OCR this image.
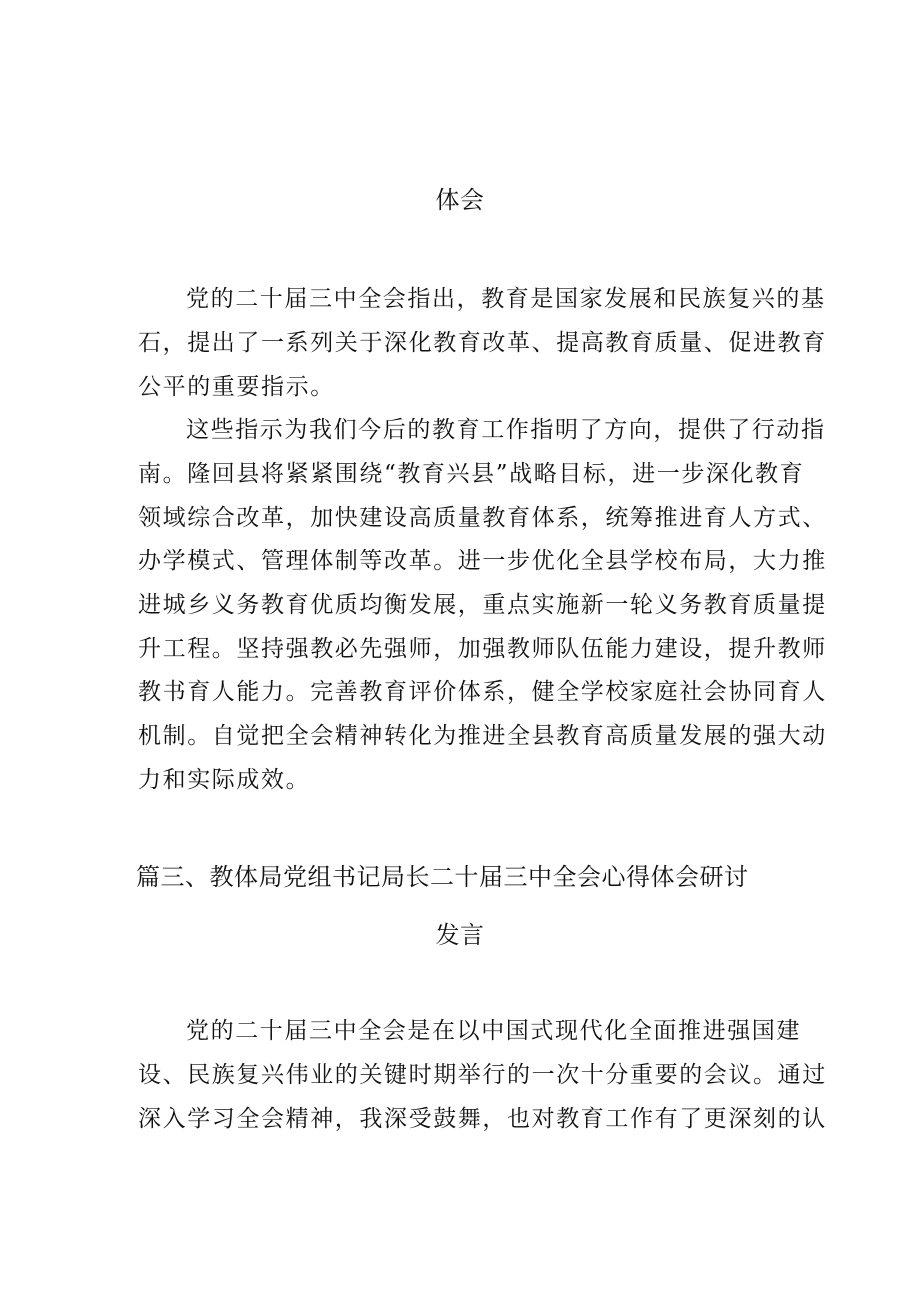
体会
党的二十届三中全会指出，教育是国家发展和民族复兴的基
石，提出了一系列关于深化教育改革、提高教育质量、促进教育
公平的重要指示。
这些指示为我们今后的教育工作指明了方向，提供了行动指
南。隆回县将紧紧围绕“教育兴县”战略目标，进一步深化教育
领域综合改革，加快建设高质量教育体系，统筹推进育人方式、
办学模式、管理体制等改革。进一步优化全县学校布局，大力推
进城乡义务教育优质均衡发展，重点实施新一轮义务教育质量提
升工程。坚持强教必先强师，加强教师队伍能力建设，提升教师
教书育人能力。完善教育评价体系，健全学校家庭社会协同育人
机制。自觉把全会精神转化为推进全县教育高质量发展的强大动
力和实际成效。
篇三、教体局党组书记局长二十届三中全会心得体会研讨
发言
党的二十届三中全会是在以中国式现代化全面推进强国建
设、民族复兴伟业的关键时期举行的一次十分重要的会议。通过
深入学习全会精神，我深受鼓舞，也对教育工作有了更深刻的认
